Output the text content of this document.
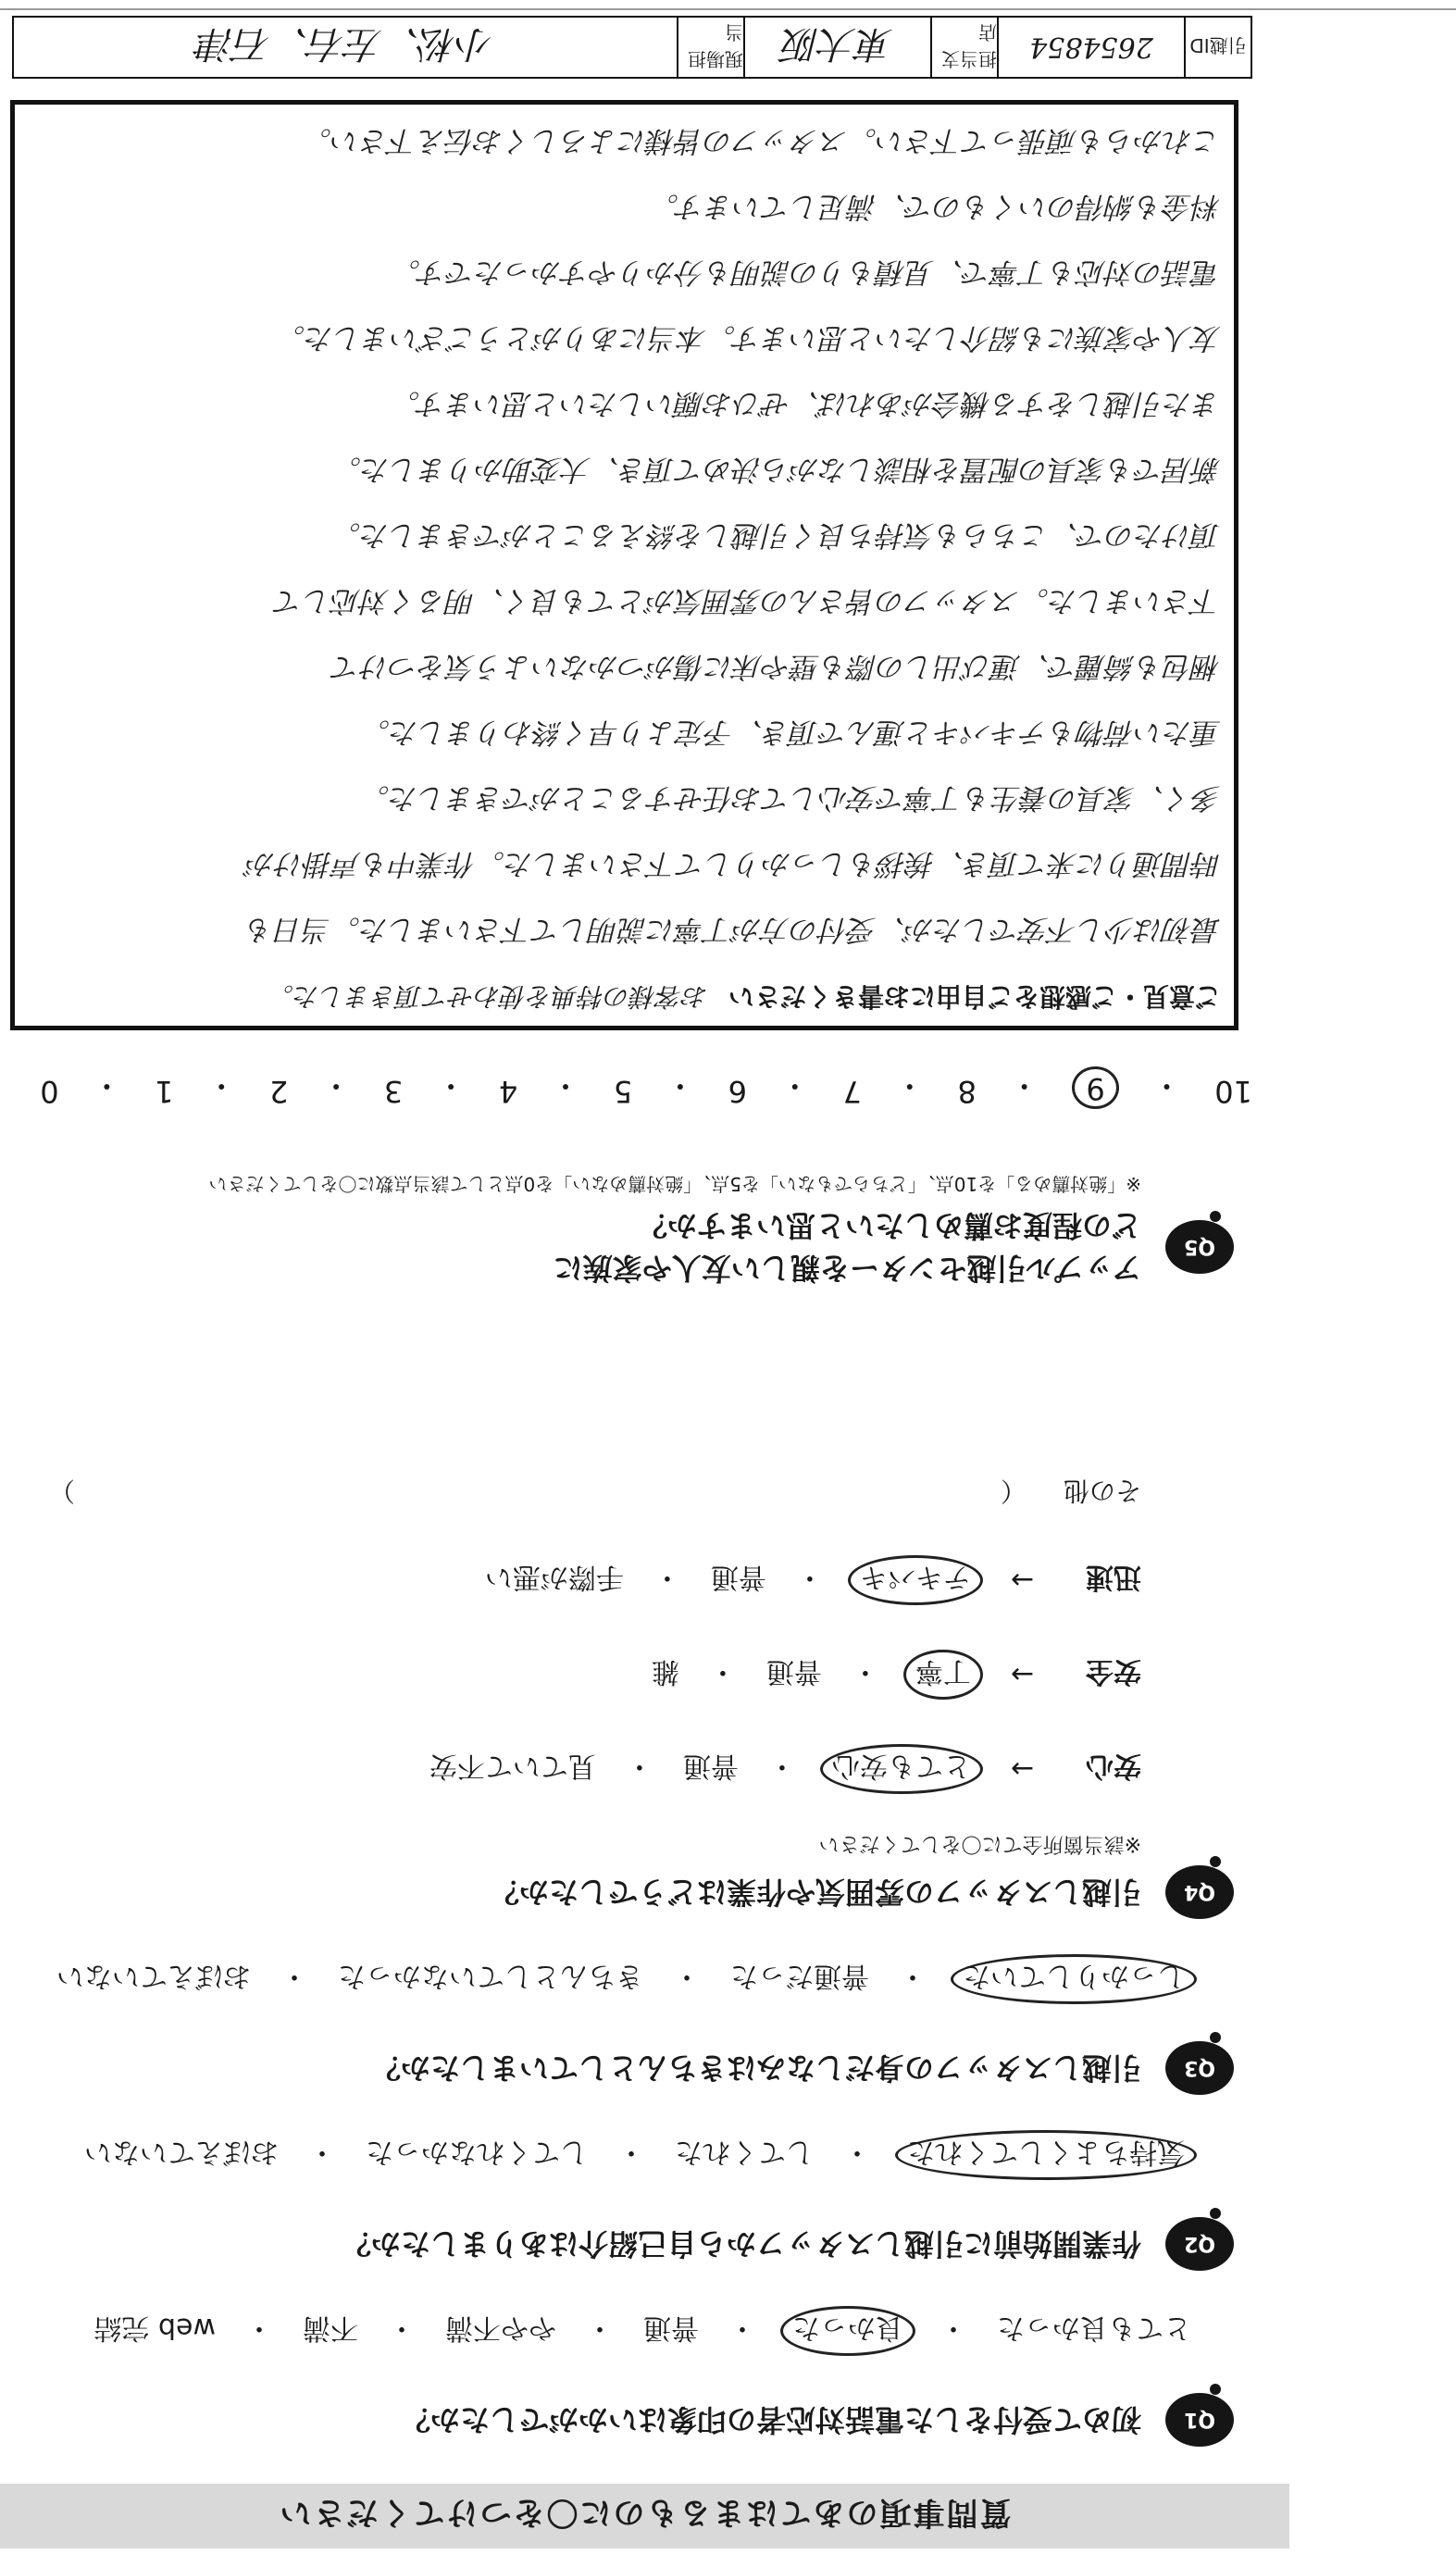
質問事項のあてはまるものに〇をつけてください
Q1
初めて受付をした電話対応者の印象はいかがでしたか？
とても良かった
・
良かった
・
普通
・
やや不満
・
不満
・
web 完結
Q2
作業開始前に引越しスタッフから自己紹介はありましたか？
気持ちよくしてくれた
・
してくれた
・
してくれなかった
・
おぼえていない
Q3
引越しスタッフの身だしなみはきちんとしていましたか？
しっかりしていた
・
普通だった
・
きちんとしていなかった
・
おぼえていない
Q4
引越しスタッフの雰囲気や作業はどうでしたか？
※該当箇所全てに〇をしてください
安心
→
とても安心
・
普通
・
見ていて不安
安全
→
丁寧
・
普通
・
雑
迅速
→
テキパキ
・
普通
・
手際が悪い
その他
（
）
Q5
アップル引越センターを親しい友人や家族に
どの程度お薦めしたいと思いますか？
※「絶対薦める」を10点、「どちらでもない」を5点、「絶対薦めない」を0点として該当点数に〇をしてください
10
・
9
・
8
・
7
・
6
・
5
・
4
・
3
・
2
・
1
・
0
ご意見・ご感想をご自由にお書きください お客様の特典を使わせて頂きました。
最初は少し不安でしたが、受付の方が丁寧に説明して下さいました。当日も
時間通りに来て頂き、挨拶もしっかりして下さいました。作業中も声掛けが
多く、家具の養生も丁寧で安心してお任せすることができました。
重たい荷物もテキパキと運んで頂き、予定より早く終わりました。
梱包も綺麗で、運び出しの際も壁や床に傷がつかないよう気をつけて
下さいました。スタッフの皆さんの雰囲気がとても良く、明るく対応して
頂けたので、こちらも気持ち良く引越しを終えることができました。
新居でも家具の配置を相談しながら決めて頂き、大変助かりました。
また引越しをする機会があれば、ぜひお願いしたいと思います。
友人や家族にも紹介したいと思います。本当にありがとうございました。
電話の対応も丁寧で、見積もりの説明も分かりやすかったです。
料金も納得のいくもので、満足しています。
これからも頑張って下さい。スタッフの皆様によろしくお伝え下さい。
引越ID
2654854
担当支店
東大阪
現場担当
小松、左右、石津
